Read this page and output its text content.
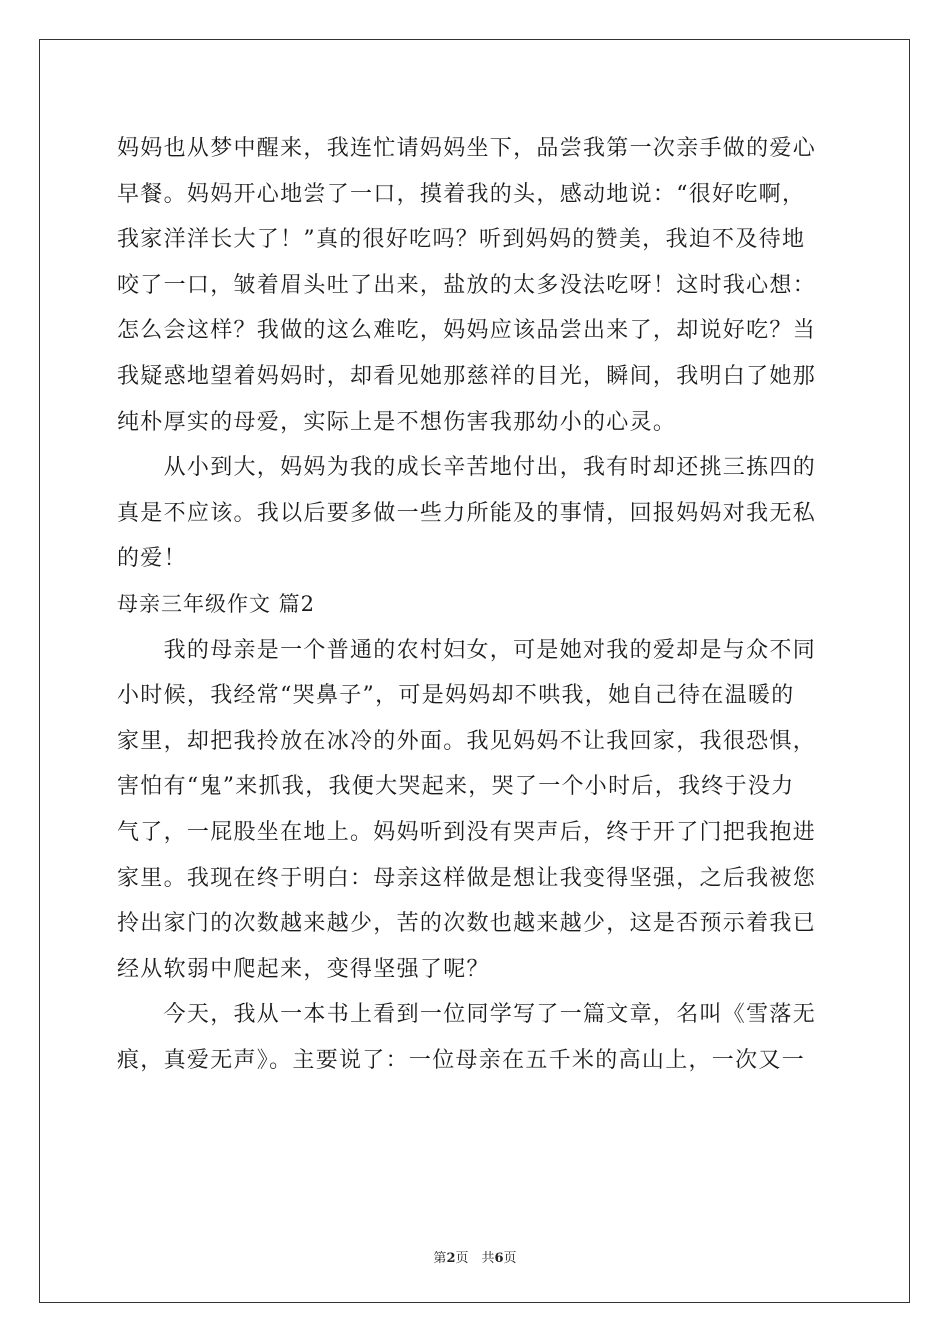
妈妈也从梦中醒来，我连忙请妈妈坐下，品尝我第一次亲手做的爱心
早餐。妈妈开心地尝了一口，摸着我的头，感动地说：“很好吃啊，
我家洋洋长大了！”真的很好吃吗？听到妈妈的赞美，我迫不及待地
咬了一口，皱着眉头吐了出来，盐放的太多没法吃呀！这时我心想：
怎么会这样？我做的这么难吃，妈妈应该品尝出来了，却说好吃？当
我疑惑地望着妈妈时，却看见她那慈祥的目光，瞬间，我明白了她那
纯朴厚实的母爱，实际上是不想伤害我那幼小的心灵。
　　从小到大，妈妈为我的成长辛苦地付出，我有时却还挑三拣四的
真是不应该。我以后要多做一些力所能及的事情，回报妈妈对我无私
的爱！
母亲三年级作文 篇2
　　我的母亲是一个普通的农村妇女，可是她对我的爱却是与众不同
小时候，我经常“哭鼻子”，可是妈妈却不哄我，她自己待在温暖的
家里，却把我拎放在冰冷的外面。我见妈妈不让我回家，我很恐惧，
害怕有“鬼”来抓我，我便大哭起来，哭了一个小时后，我终于没力
气了，一屁股坐在地上。妈妈听到没有哭声后，终于开了门把我抱进
家里。我现在终于明白：母亲这样做是想让我变得坚强，之后我被您
拎出家门的次数越来越少，苦的次数也越来越少，这是否预示着我已
经从软弱中爬起来，变得坚强了呢？
　　今天，我从一本书上看到一位同学写了一篇文章，名叫《雪落无
痕，真爱无声》。主要说了：一位母亲在五千米的高山上，一次又一
第2页　共6页
